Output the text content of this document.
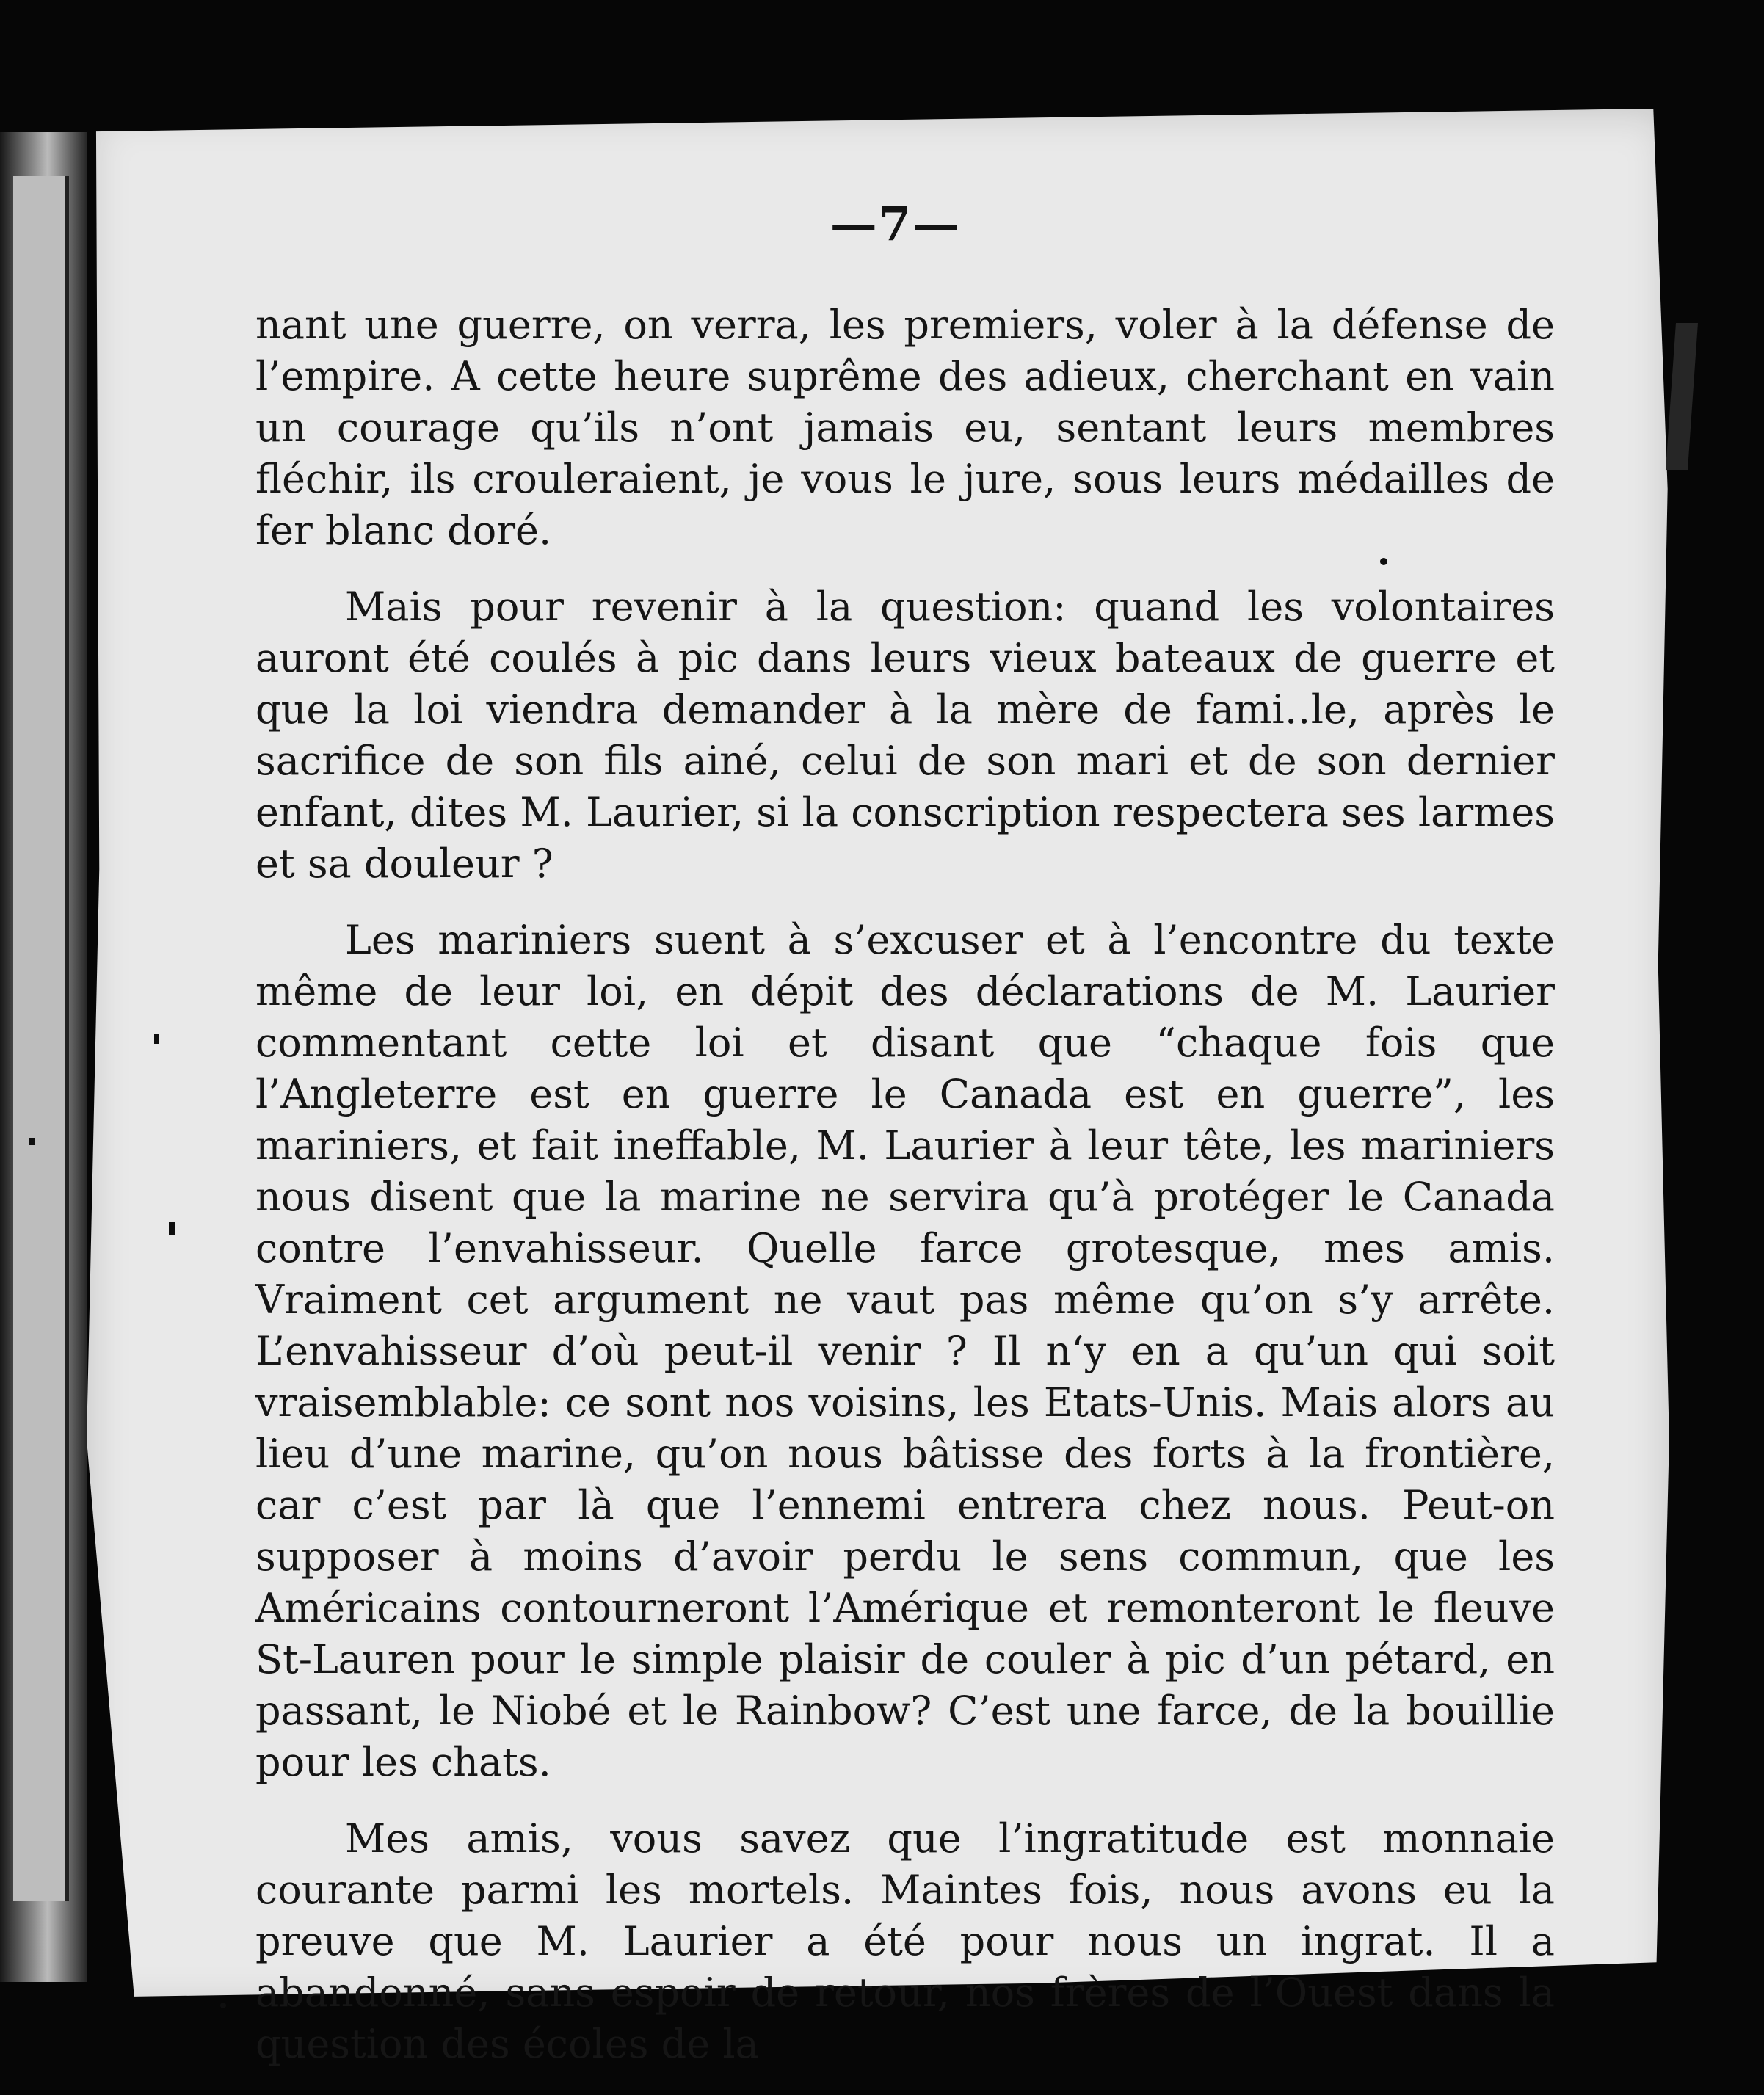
—7—

nant une guerre, on verra, les premiers, voler à la défense de l’empire. A cette heure suprême des adieux, cherchant en vain un courage qu’ils n’ont jamais eu, sentant leurs membres fléchir, ils crouleraient, je vous le jure, sous leurs médailles de fer blanc doré.

Mais pour revenir à la question: quand les volontaires auront été coulés à pic dans leurs vieux bateaux de guerre et que la loi viendra demander à la mère de fami‥le, après le sacrifice de son fils ainé, celui de son mari et de son dernier enfant, dites M. Laurier, si la conscription respectera ses larmes et sa douleur ?

Les mariniers suent à s’excuser et à l’encontre du texte même de leur loi, en dépit des déclarations de M. Laurier commentant cette loi et disant que “chaque fois que l’Angleterre est en guerre le Canada est en guerre”, les mariniers, et fait ineffable, M. Laurier à leur tête, les mariniers nous disent que la marine ne servira qu’à protéger le Canada contre l’envahisseur. Quelle farce grotesque, mes amis. Vraiment cet argument ne vaut pas même qu’on s’y arrête. L’envahisseur d’où peut-il venir ? Il n‘y en a qu’un qui soit vraisemblable: ce sont nos voisins, les Etats-Unis. Mais alors au lieu d’une marine, qu’on nous bâtisse des forts à la frontière, car c’est par là que l’ennemi entrera chez nous. Peut-on supposer à moins d’avoir perdu le sens commun, que les Américains contourneront l’Amérique et remonteront le fleuve St-Lauren pour le simple plaisir de couler à pic d’un pétard, en passant, le Niobé et le Rainbow? C’est une farce, de la bouillie pour les chats.

Mes amis, vous savez que l’ingratitude est monnaie courante parmi les mortels. Maintes fois, nous avons eu la preuve que M. Laurier a été pour nous un ingrat. Il a abandonné, sans espoir de retour, nos frères de l’Ouest dans la question des écoles de la
